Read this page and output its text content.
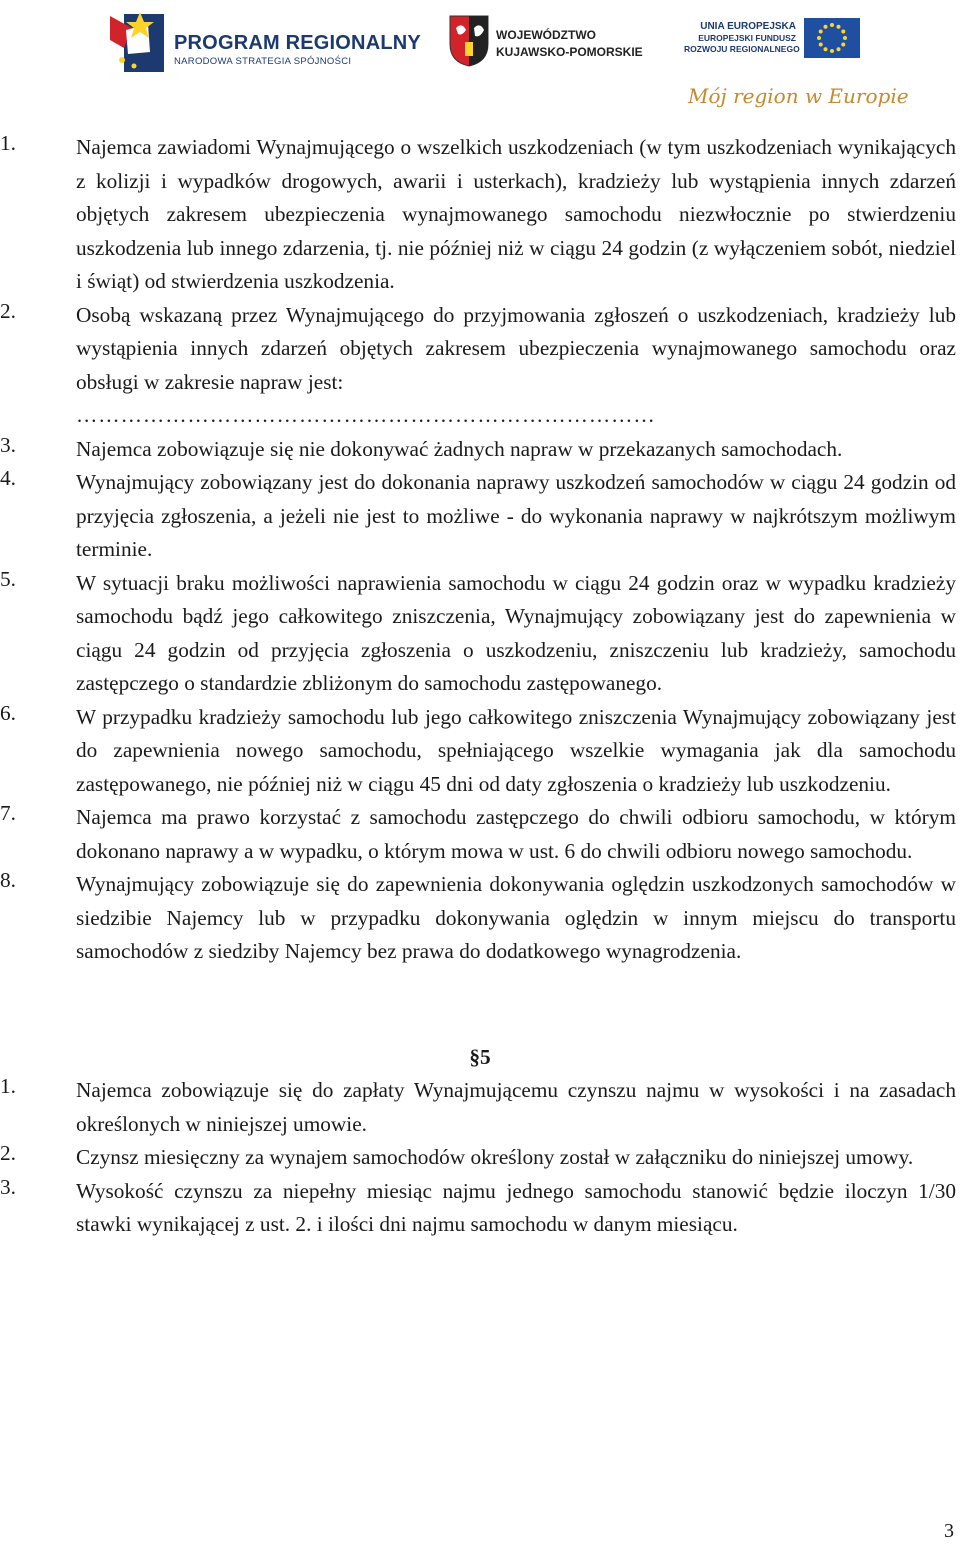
PROGRAM REGIONALNY
NARODOWA STRATEGIA SPÓJNOŚCI
WOJEWÓDZTWO
KUJAWSKO-POMORSKIE
UNIA EUROPEJSKA
EUROPEJSKI FUNDUSZ
ROZWOJU REGIONALNEGO
Mój region w Europie
1.	Najemca zawiadomi Wynajmującego o wszelkich uszkodzeniach (w tym uszkodzeniach wynikających z kolizji i wypadków drogowych, awarii i usterkach), kradzieży lub wystąpienia innych zdarzeń objętych zakresem ubezpieczenia wynajmowanego samochodu niezwłocznie po stwierdzeniu uszkodzenia lub innego zdarzenia, tj. nie później niż w ciągu 24 godzin (z wyłączeniem sobót, niedziel i świąt) od stwierdzenia uszkodzenia.
2.	Osobą wskazaną przez Wynajmującego do przyjmowania zgłoszeń o uszkodzeniach, kradzieży lub wystąpienia innych zdarzeń objętych zakresem ubezpieczenia wynajmowanego samochodu oraz obsługi w zakresie napraw jest:
……………………………………………………………………
3.	Najemca zobowiązuje się nie dokonywać żadnych napraw w przekazanych samochodach.
4.	Wynajmujący zobowiązany jest do dokonania naprawy uszkodzeń samochodów w ciągu 24 godzin od przyjęcia zgłoszenia, a jeżeli nie jest to możliwe - do wykonania naprawy w najkrótszym możliwym terminie.
5.	W sytuacji braku możliwości naprawienia samochodu w ciągu 24 godzin oraz w wypadku kradzieży samochodu bądź jego całkowitego zniszczenia, Wynajmujący zobowiązany jest do zapewnienia w ciągu 24 godzin od przyjęcia zgłoszenia o uszkodzeniu, zniszczeniu lub kradzieży, samochodu zastępczego o standardzie zbliżonym do samochodu zastępowanego.
6.	W przypadku kradzieży samochodu lub jego całkowitego zniszczenia Wynajmujący zobowiązany jest do zapewnienia nowego samochodu, spełniającego wszelkie wymagania jak dla samochodu zastępowanego, nie później niż w ciągu 45 dni od daty zgłoszenia o kradzieży lub uszkodzeniu.
7.	Najemca ma prawo korzystać z samochodu zastępczego do chwili odbioru samochodu, w którym dokonano naprawy a w wypadku, o którym mowa w ust. 6 do chwili odbioru nowego samochodu.
8.	Wynajmujący zobowiązuje się do zapewnienia dokonywania oględzin uszkodzonych samochodów w siedzibie Najemcy lub w przypadku dokonywania oględzin w innym miejscu do transportu samochodów z siedziby Najemcy bez prawa do dodatkowego wynagrodzenia.
§5
1.	Najemca zobowiązuje się do zapłaty Wynajmującemu czynszu najmu w wysokości i na zasadach określonych w niniejszej umowie.
2.	Czynsz miesięczny za wynajem samochodów określony został w załączniku do niniejszej umowy.
3.	Wysokość czynszu za niepełny miesiąc najmu jednego samochodu stanowić będzie iloczyn 1/30 stawki wynikającej z ust. 2. i ilości dni najmu samochodu w danym miesiącu.
3
